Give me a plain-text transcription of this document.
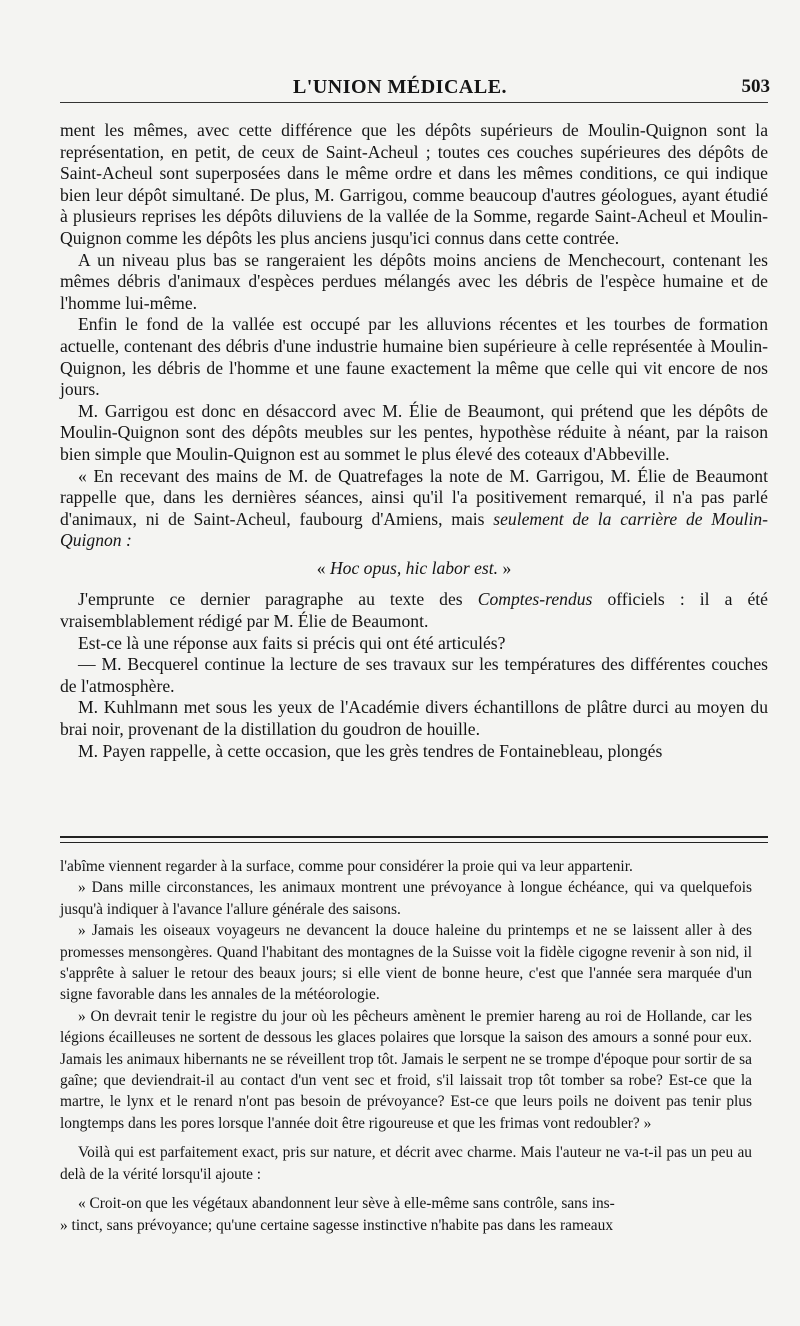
L'UNION MÉDICALE.	503

ment les mêmes, avec cette différence que les dépôts supérieurs de Moulin-Quignon sont la représentation, en petit, de ceux de Saint-Acheul ; toutes ces couches supérieures des dépôts de Saint-Acheul sont superposées dans le même ordre et dans les mêmes conditions, ce qui indique bien leur dépôt simultané. De plus, M. Garrigou, comme beaucoup d'autres géologues, ayant étudié à plusieurs reprises les dépôts diluviens de la vallée de la Somme, regarde Saint-Acheul et Moulin-Quignon comme les dépôts les plus anciens jusqu'ici connus dans cette contrée.

A un niveau plus bas se rangeraient les dépôts moins anciens de Menchecourt, contenant les mêmes débris d'animaux d'espèces perdues mélangés avec les débris de l'espèce humaine et de l'homme lui-même.

Enfin le fond de la vallée est occupé par les alluvions récentes et les tourbes de formation actuelle, contenant des débris d'une industrie humaine bien supérieure à celle représentée à Moulin-Quignon, les débris de l'homme et une faune exactement la même que celle qui vit encore de nos jours.

M. Garrigou est donc en désaccord avec M. Élie de Beaumont, qui prétend que les dépôts de Moulin-Quignon sont des dépôts meubles sur les pentes, hypothèse réduite à néant, par la raison bien simple que Moulin-Quignon est au sommet le plus élevé des coteaux d'Abbeville.

« En recevant des mains de M. de Quatrefages la note de M. Garrigou, M. Élie de Beaumont rappelle que, dans les dernières séances, ainsi qu'il l'a positivement remarqué, il n'a pas parlé d'animaux, ni de Saint-Acheul, faubourg d'Amiens, mais seulement de la carrière de Moulin-Quignon :

« Hoc opus, hic labor est. »

J'emprunte ce dernier paragraphe au texte des Comptes-rendus officiels : il a été vraisemblablement rédigé par M. Élie de Beaumont.

Est-ce là une réponse aux faits si précis qui ont été articulés?

— M. Becquerel continue la lecture de ses travaux sur les températures des différentes couches de l'atmosphère.

M. Kuhlmann met sous les yeux de l'Académie divers échantillons de plâtre durci au moyen du brai noir, provenant de la distillation du goudron de houille.

M. Payen rappelle, à cette occasion, que les grès tendres de Fontainebleau, plongés

l'abîme viennent regarder à la surface, comme pour considérer la proie qui va leur appartenir.

» Dans mille circonstances, les animaux montrent une prévoyance à longue échéance, qui va quelquefois jusqu'à indiquer à l'avance l'allure générale des saisons.

» Jamais les oiseaux voyageurs ne devancent la douce haleine du printemps et ne se laissent aller à des promesses mensongères. Quand l'habitant des montagnes de la Suisse voit la fidèle cigogne revenir à son nid, il s'apprête à saluer le retour des beaux jours; si elle vient de bonne heure, c'est que l'année sera marquée d'un signe favorable dans les annales de la météorologie.

» On devrait tenir le registre du jour où les pêcheurs amènent le premier hareng au roi de Hollande, car les légions écailleuses ne sortent de dessous les glaces polaires que lorsque la saison des amours a sonné pour eux. Jamais les animaux hibernants ne se réveillent trop tôt. Jamais le serpent ne se trompe d'époque pour sortir de sa gaîne; que deviendrait-il au contact d'un vent sec et froid, s'il laissait trop tôt tomber sa robe? Est-ce que la martre, le lynx et le renard n'ont pas besoin de prévoyance? Est-ce que leurs poils ne doivent pas tenir plus longtemps dans les pores lorsque l'année doit être rigoureuse et que les frimas vont redoubler? »

Voilà qui est parfaitement exact, pris sur nature, et décrit avec charme. Mais l'auteur ne va-t-il pas un peu au delà de la vérité lorsqu'il ajoute :

« Croit-on que les végétaux abandonnent leur sève à elle-même sans contrôle, sans ins-

» tinct, sans prévoyance; qu'une certaine sagesse instinctive n'habite pas dans les rameaux
